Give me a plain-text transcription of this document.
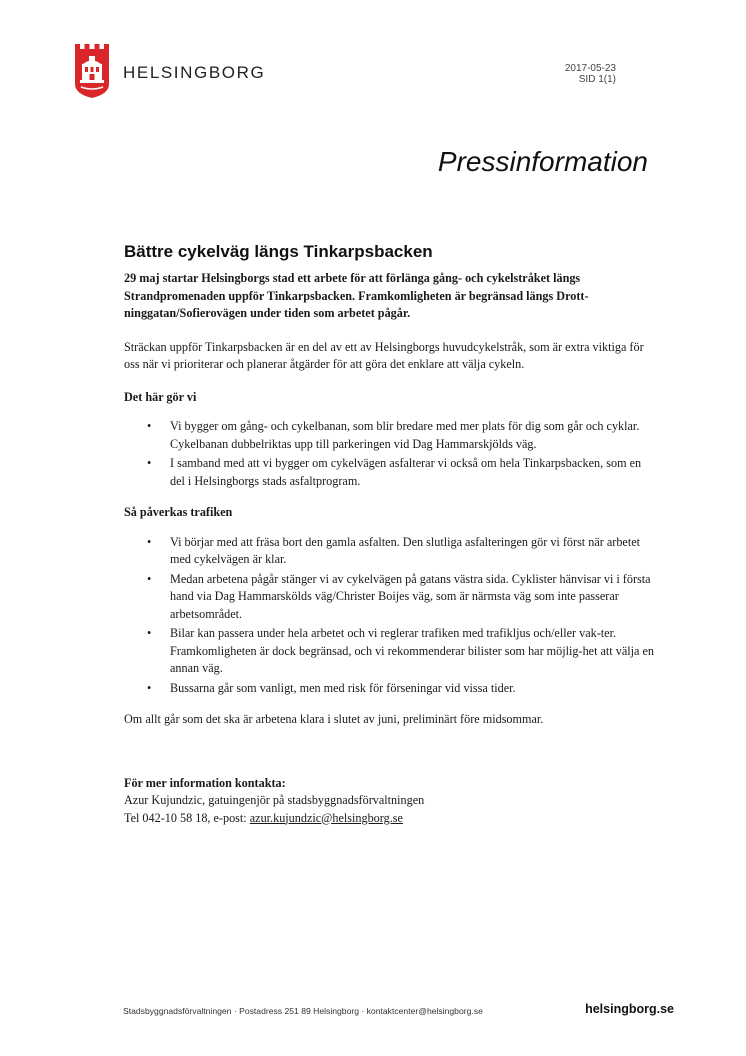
HELSINGBORG	2017-05-23
SID 1(1)
Pressinformation
Bättre cykelväg längs Tinkarpsbacken

29 maj startar Helsingborgs stad ett arbete för att förlänga gång- och cykelstråket längs Strandpromenaden uppför Tinkarpsbacken. Framkomligheten är begränsad längs Drott-ninggatan/Sofierovägen under tiden som arbetet pågår.

Sträckan uppför Tinkarpsbacken är en del av ett av Helsingborgs huvudcykelstråk, som är extra viktiga för oss när vi prioriterar och planerar åtgärder för att göra det enklare att välja cykeln.

Det här gör vi
• Vi bygger om gång- och cykelbanan, som blir bredare med mer plats för dig som går och cyklar. Cykelbanan dubbelriktas upp till parkeringen vid Dag Hammarskjölds väg.
• I samband med att vi bygger om cykelvägen asfalterar vi också om hela Tinkarpsbacken, som en del i Helsingborgs stads asfaltprogram.
Så påverkas trafiken
• Vi börjar med att fräsa bort den gamla asfalten. Den slutliga asfalteringen gör vi först när arbetet med cykelvägen är klar.
• Medan arbetena pågår stänger vi av cykelvägen på gatans västra sida. Cyklister hänvisar vi i första hand via Dag Hammarskölds väg/Christer Boijes väg, som är närmsta väg som inte passerar arbetsområdet.
• Bilar kan passera under hela arbetet och vi reglerar trafiken med trafikljus och/eller vak-ter. Framkomligheten är dock begränsad, och vi rekommenderar bilister som har möjlig-het att välja en annan väg.
• Bussarna går som vanligt, men med risk för förseningar vid vissa tider.

Om allt går som det ska är arbetena klara i slutet av juni, preliminärt före midsommar.

För mer information kontakta:
Azur Kujundzic, gatuingenjör på stadsbyggnadsförvaltningen
Tel 042-10 58 18, e-post: azur.kujundzic@helsingborg.se
Stadsbyggnadsförvaltningen · Postadress 251 89 Helsingborg · kontaktcenter@helsingborg.se	helsingborg.se
